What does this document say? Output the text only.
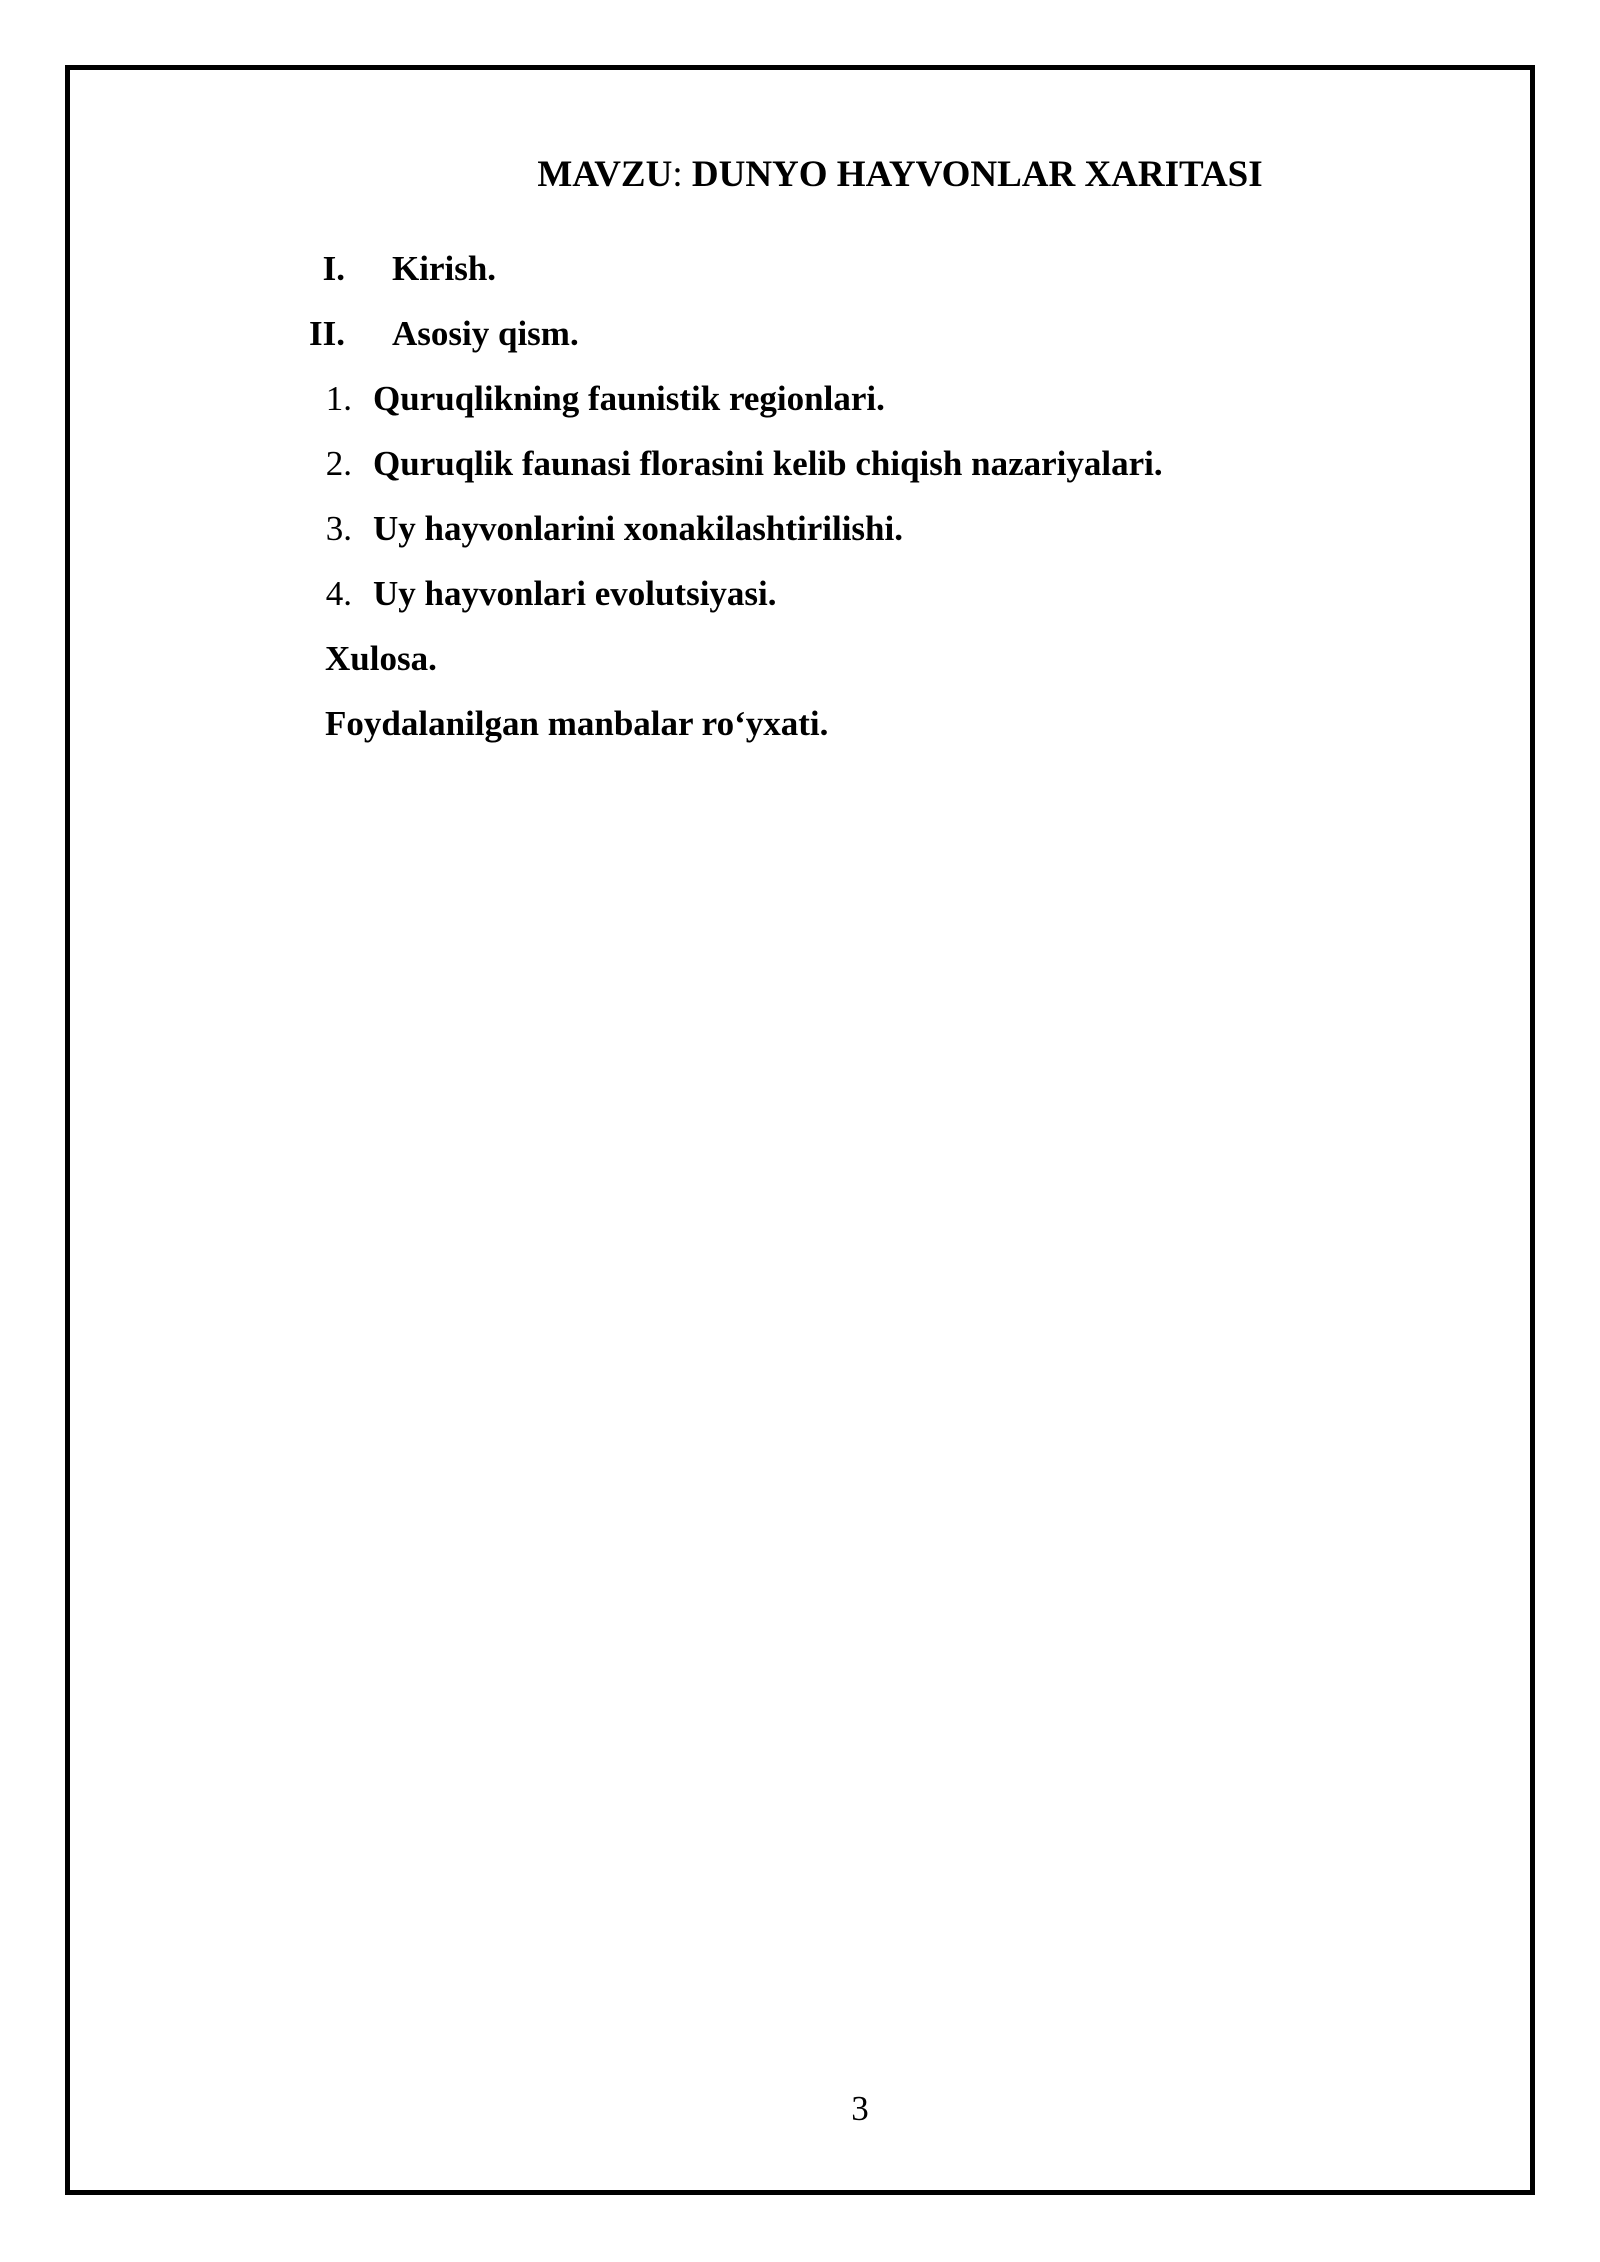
MAVZU: DUNYO HAYVONLAR XARITASI
I. Kirish.
II. Asosiy qism.
1. Quruqlikning faunistik regionlari.
2. Quruqlik faunasi florasini kelib chiqish nazariyalari.
3. Uy hayvonlarini xonakilashtirilishi.
4. Uy hayvonlari evolutsiyasi.
Xulosa.
Foydalanilgan manbalar ro‘yxati.
3
